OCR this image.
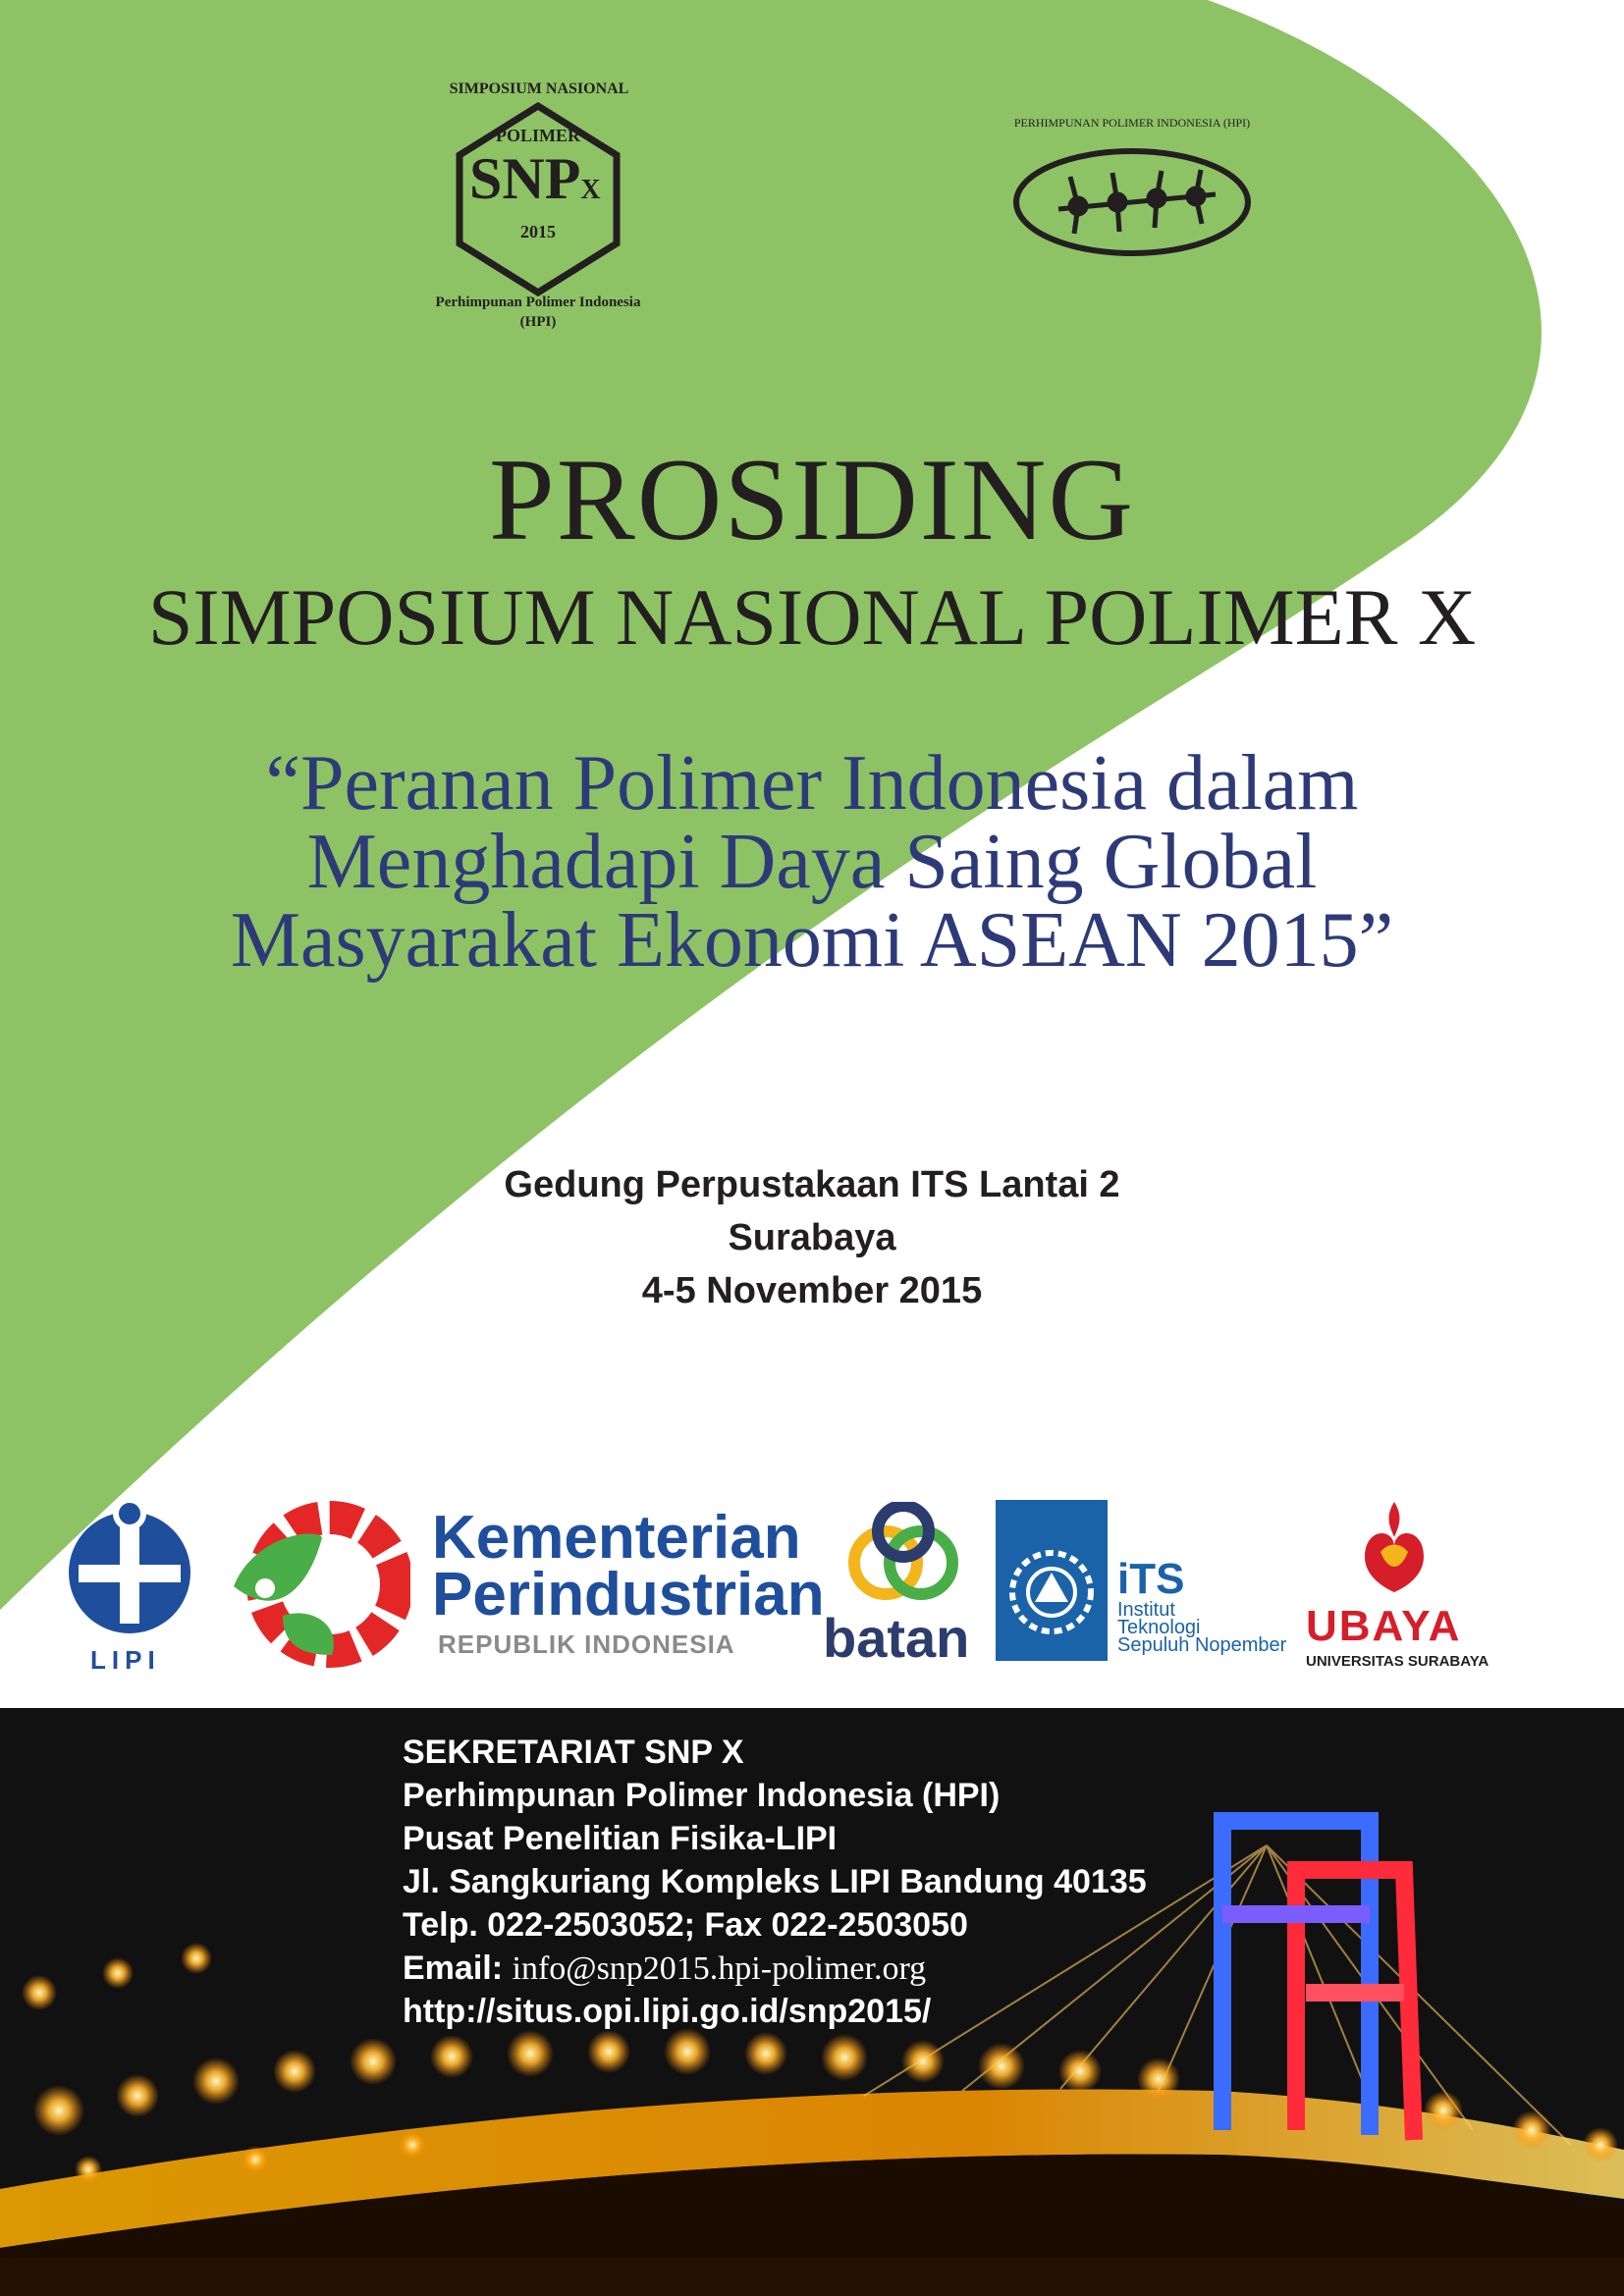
SIMPOSIUM NASIONAL
POLIMER
SNPX
2015
Perhimpunan Polimer Indonesia
(HPI)
PERHIMPUNAN POLIMER INDONESIA (HPI)
PROSIDING
SIMPOSIUM NASIONAL POLIMER X
“Peranan Polimer Indonesia dalam
Menghadapi Daya Saing Global
Masyarakat Ekonomi ASEAN 2015”
Gedung Perpustakaan ITS Lantai 2
Surabaya
4-5 November 2015
LIPI
Kementerian
Perindustrian
REPUBLIK INDONESIA batan
iTS
Institut
Teknologi
Sepuluh Nopember UBAYA
UNIVERSITAS SURABAYA
SEKRETARIAT SNP X
Perhimpunan Polimer Indonesia (HPI)
Pusat Penelitian Fisika-LIPI
Jl. Sangkuriang Kompleks LIPI Bandung 40135
Telp. 022-2503052; Fax 022-2503050
Email: info@snp2015.hpi-polimer.org
http://situs.opi.lipi.go.id/snp2015/
